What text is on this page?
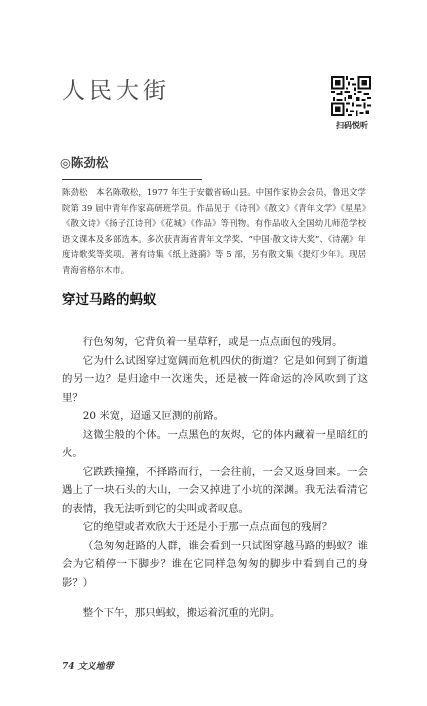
人民大街
扫码悦听
◎陈劲松
陈劲松　本名陈敬松，1977 年生于安徽省砀山县。中国作家协会会员，鲁迅文学院第 39 届中青年作家高研班学员。作品见于《诗刊》《散文》《青年文学》《星星》《散文诗》《扬子江诗刊》《花城》《作品》等刊物。有作品收入全国幼儿师范学校语文课本及多部选本。多次获青海省青年文学奖、“中国·散文诗大奖”、《诗潮》年度诗歌奖等奖项。著有诗集《纸上涟漪》等 5 部，另有散文集《提灯少年》。现居青海省格尔木市。
穿过马路的蚂蚁

行色匆匆，它背负着一星草籽，或是一点点面包的残屑。

它为什么试图穿过宽阔而危机四伏的街道？它是如何到了街道的另一边？是归途中一次迷失，还是被一阵命运的冷风吹到了这里？

20 米宽，迢遥又叵测的前路。

这微尘般的个体。一点黑色的灰烬，它的体内藏着一星暗红的火。

它跌跌撞撞，不择路而行，一会往前，一会又返身回来。一会遇上了一块石头的大山，一会又掉进了小坑的深渊。我无法看清它的表情，我无法听到它的尖叫或者叹息。

它的绝望或者欢欣大于还是小于那一点点面包的残屑？

（急匆匆赶路的人群，谁会看到一只试图穿越马路的蚂蚁？谁会为它稍停一下脚步？谁在它同样急匆匆的脚步中看到自己的身影？）

整个下午，那只蚂蚁，搬运着沉重的光阴。

74 文义地带
